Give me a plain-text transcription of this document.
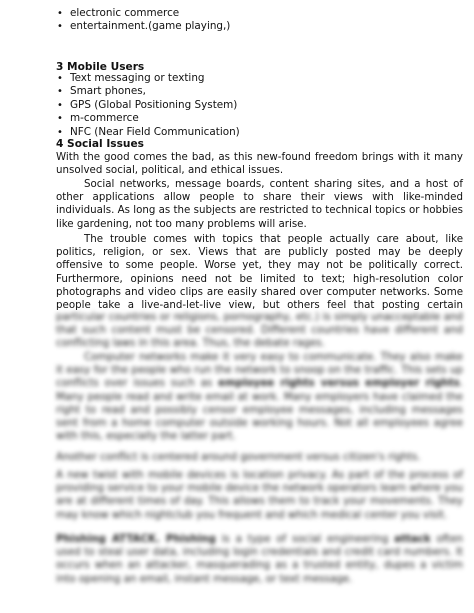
• electronic commerce
• entertainment.(game playing,)
3 Mobile Users
• Text messaging or texting
• Smart phones,
• GPS (Global Positioning System)
• m-commerce
• NFC (Near Field Communication)
4 Social Issues

With the good comes the bad, as this new-found freedom brings with it many unsolved social, political, and ethical issues.

Social networks, message boards, content sharing sites, and a host of other applications allow people to share their views with like-minded individuals. As long as the subjects are restricted to technical topics or hobbies like gardening, not too many problems will arise.

The trouble comes with topics that people actually care about, like politics, religion, or sex. Views that are publicly posted may be deeply offensive to some people. Worse yet, they may not be politically correct. Furthermore, opinions need not be limited to text; high-resolution color photographs and video clips are easily shared over computer networks. Some people take a live-and-let-live view, but others feel that posting certain

particular countries or religions, pornography, etc.) is simply unacceptable and that such content must be censored. Different countries have different and conflicting laws in this area. Thus, the debate rages.

Computer networks make it very easy to communicate. They also make it easy for the people who run the network to snoop on the traffic. This sets up conflicts over issues such as employee rights versus employer rights. Many people read and write email at work. Many employers have claimed the right to read and possibly censor employee messages, including messages sent from a home computer outside working hours. Not all employees agree with this, especially the latter part.

Another conflict is centered around government versus citizen's rights.

A new twist with mobile devices is location privacy. As part of the process of providing service to your mobile device the network operators learn where you are at different times of day. This allows them to track your movements. They may know which nightclub you frequent and which medical center you visit.

Phishing ATTACK. Phishing is a type of social engineering attack often used to steal user data, including login credentials and credit card numbers. It occurs when an attacker, masquerading as a trusted entity, dupes a victim into opening an email, instant message, or text message.
